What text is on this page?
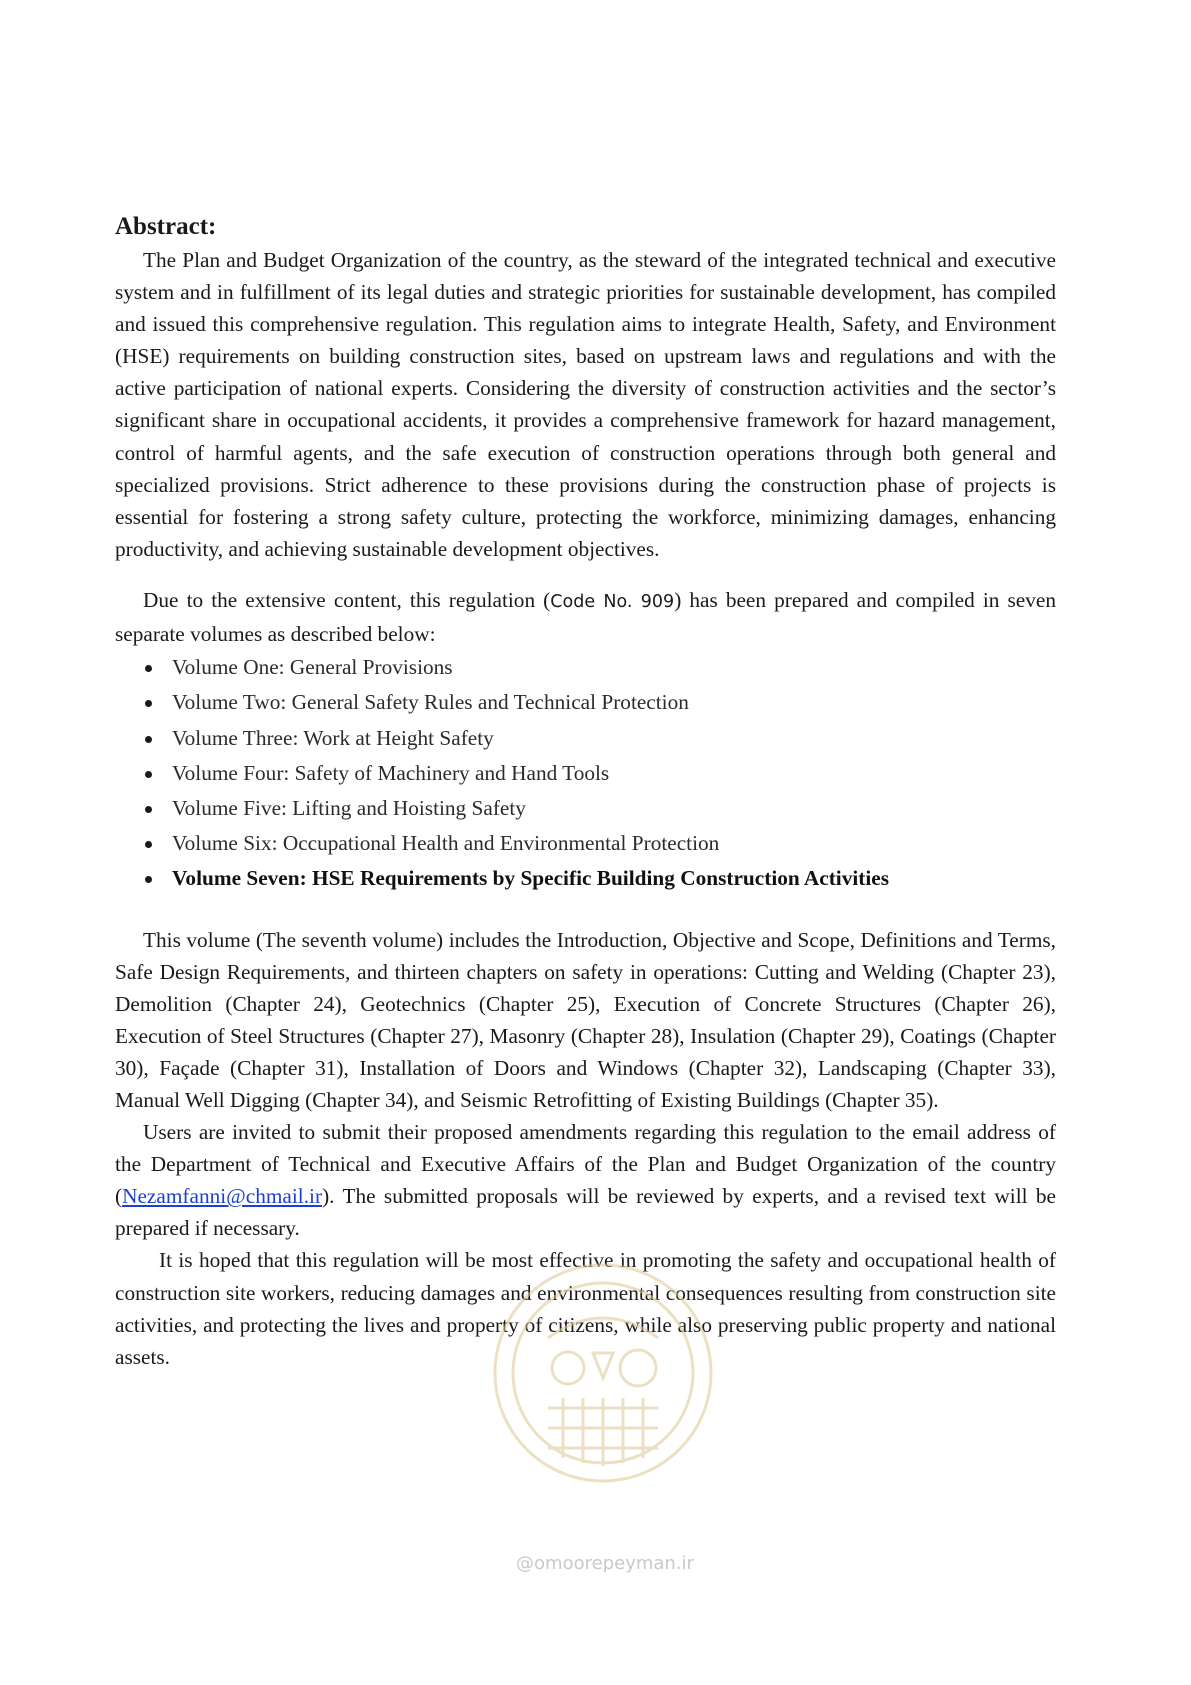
Abstract:

The Plan and Budget Organization of the country, as the steward of the integrated technical and executive system and in fulfillment of its legal duties and strategic priorities for sustainable development, has compiled and issued this comprehensive regulation. This regulation aims to integrate Health, Safety, and Environment (HSE) requirements on building construction sites, based on upstream laws and regulations and with the active participation of national experts. Considering the diversity of construction activities and the sector’s significant share in occupational accidents, it provides a comprehensive framework for hazard management, control of harmful agents, and the safe execution of construction operations through both general and specialized provisions. Strict adherence to these provisions during the construction phase of projects is essential for fostering a strong safety culture, protecting the workforce, minimizing damages, enhancing productivity, and achieving sustainable development objectives.

Due to the extensive content, this regulation (Code No. 909) has been prepared and compiled in seven separate volumes as described below:

Volume One: General Provisions
Volume Two: General Safety Rules and Technical Protection
Volume Three: Work at Height Safety
Volume Four: Safety of Machinery and Hand Tools
Volume Five: Lifting and Hoisting Safety
Volume Six: Occupational Health and Environmental Protection
Volume Seven: HSE Requirements by Specific Building Construction Activities

This volume (The seventh volume) includes the Introduction, Objective and Scope, Definitions and Terms, Safe Design Requirements, and thirteen chapters on safety in operations: Cutting and Welding (Chapter 23), Demolition (Chapter 24), Geotechnics (Chapter 25), Execution of Concrete Structures (Chapter 26), Execution of Steel Structures (Chapter 27), Masonry (Chapter 28), Insulation (Chapter 29), Coatings (Chapter 30), Façade (Chapter 31), Installation of Doors and Windows (Chapter 32), Landscaping (Chapter 33), Manual Well Digging (Chapter 34), and Seismic Retrofitting of Existing Buildings (Chapter 35).

Users are invited to submit their proposed amendments regarding this regulation to the email address of the Department of Technical and Executive Affairs of the Plan and Budget Organization of the country (Nezamfanni@chmail.ir). The submitted proposals will be reviewed by experts, and a revised text will be prepared if necessary.

It is hoped that this regulation will be most effective in promoting the safety and occupational health of construction site workers, reducing damages and environmental consequences resulting from construction site activities, and protecting the lives and property of citizens, while also preserving public property and national assets.

@omoorepeyman.ir
